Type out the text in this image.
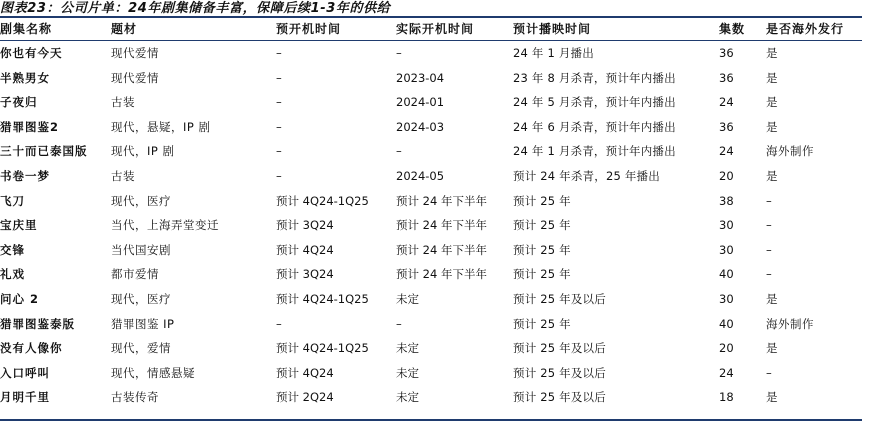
图表23：公司片单：24年剧集储备丰富，保障后续1-3年的供给
剧集名称	题材	预开机时间	实际开机时间	预计播映时间	集数	是否海外发行
你也有今天	现代爱情	–	–	24 年 1 月播出	36	是
半熟男女	现代爱情	–	2023-04	23 年 8 月杀青，预计年内播出	36	是
子夜归	古装	–	2024-01	24 年 5 月杀青，预计年内播出	24	是
猎罪图鉴2	现代，悬疑，IP 剧	–	2024-03	24 年 6 月杀青，预计年内播出	36	是
三十而已泰国版	现代，IP 剧	–	–	24 年 1 月杀青，预计年内播出	24	海外制作
书卷一梦	古装	–	2024-05	预计 24 年杀青，25 年播出	20	是
飞刀	现代，医疗	预计 4Q24-1Q25	预计 24 年下半年	预计 25 年	38	–
宝庆里	当代，上海弄堂变迁	预计 3Q24	预计 24 年下半年	预计 25 年	30	–
交锋	当代国安剧	预计 4Q24	预计 24 年下半年	预计 25 年	30	–
礼戏	都市爱情	预计 3Q24	预计 24 年下半年	预计 25 年	40	–
问心 2	现代，医疗	预计 4Q24-1Q25	未定	预计 25 年及以后	30	是
猎罪图鉴泰版	猎罪图鉴 IP	–	–	预计 25 年	40	海外制作
没有人像你	现代，爱情	预计 4Q24-1Q25	未定	预计 25 年及以后	20	是
入口呼叫	现代，情感悬疑	预计 4Q24	未定	预计 25 年及以后	24	–
月明千里	古装传奇	预计 2Q24	未定	预计 25 年及以后	18	是
